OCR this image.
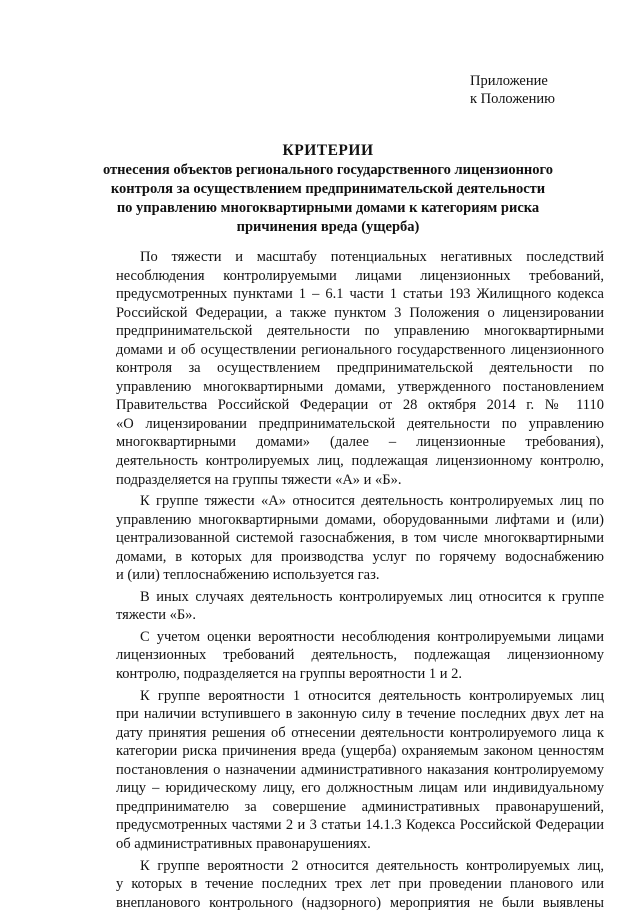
Приложение
к Положению
КРИТЕРИИ
отнесения объектов регионального государственного лицензионного
контроля за осуществлением предпринимательской деятельности
по управлению многоквартирными домами к категориям риска
причинения вреда (ущерба)
По тяжести и масштабу потенциальных негативных последствий
несоблюдения контролируемыми лицами лицензионных требований,
предусмотренных пунктами 1 – 6.1 части 1 статьи 193 Жилищного кодекса
Российской Федерации, а также пунктом 3 Положения о лицензировании
предпринимательской деятельности по управлению многоквартирными
домами и об осуществлении регионального государственного лицензионного
контроля за осуществлением предпринимательской деятельности по
управлению многоквартирными домами, утвержденного постановлением
Правительства Российской Федерации от 28 октября 2014 г. № 1110
«О лицензировании предпринимательской деятельности по управлению
многоквартирными домами» (далее – лицензионные требования),
деятельность контролируемых лиц, подлежащая лицензионному контролю,
подразделяется на группы тяжести «А» и «Б».
К группе тяжести «А» относится деятельность контролируемых лиц по
управлению многоквартирными домами, оборудованными лифтами и (или)
централизованной системой газоснабжения, в том числе многоквартирными
домами, в которых для производства услуг по горячему водоснабжению
и (или) теплоснабжению используется газ.
В иных случаях деятельность контролируемых лиц относится к группе
тяжести «Б».
С учетом оценки вероятности несоблюдения контролируемыми лицами
лицензионных требований деятельность, подлежащая лицензионному
контролю, подразделяется на группы вероятности 1 и 2.
К группе вероятности 1 относится деятельность контролируемых лиц
при наличии вступившего в законную силу в течение последних двух лет на
дату принятия решения об отнесении деятельности контролируемого лица к
категории риска причинения вреда (ущерба) охраняемым законом ценностям
постановления о назначении административного наказания контролируемому
лицу – юридическому лицу, его должностным лицам или индивидуальному
предпринимателю за совершение административных правонарушений,
предусмотренных частями 2 и 3 статьи 14.1.3 Кодекса Российской Федерации
об административных правонарушениях.
К группе вероятности 2 относится деятельность контролируемых лиц,
у которых в течение последних трех лет при проведении планового или
внепланового контрольного (надзорного) мероприятия не были выявлены
